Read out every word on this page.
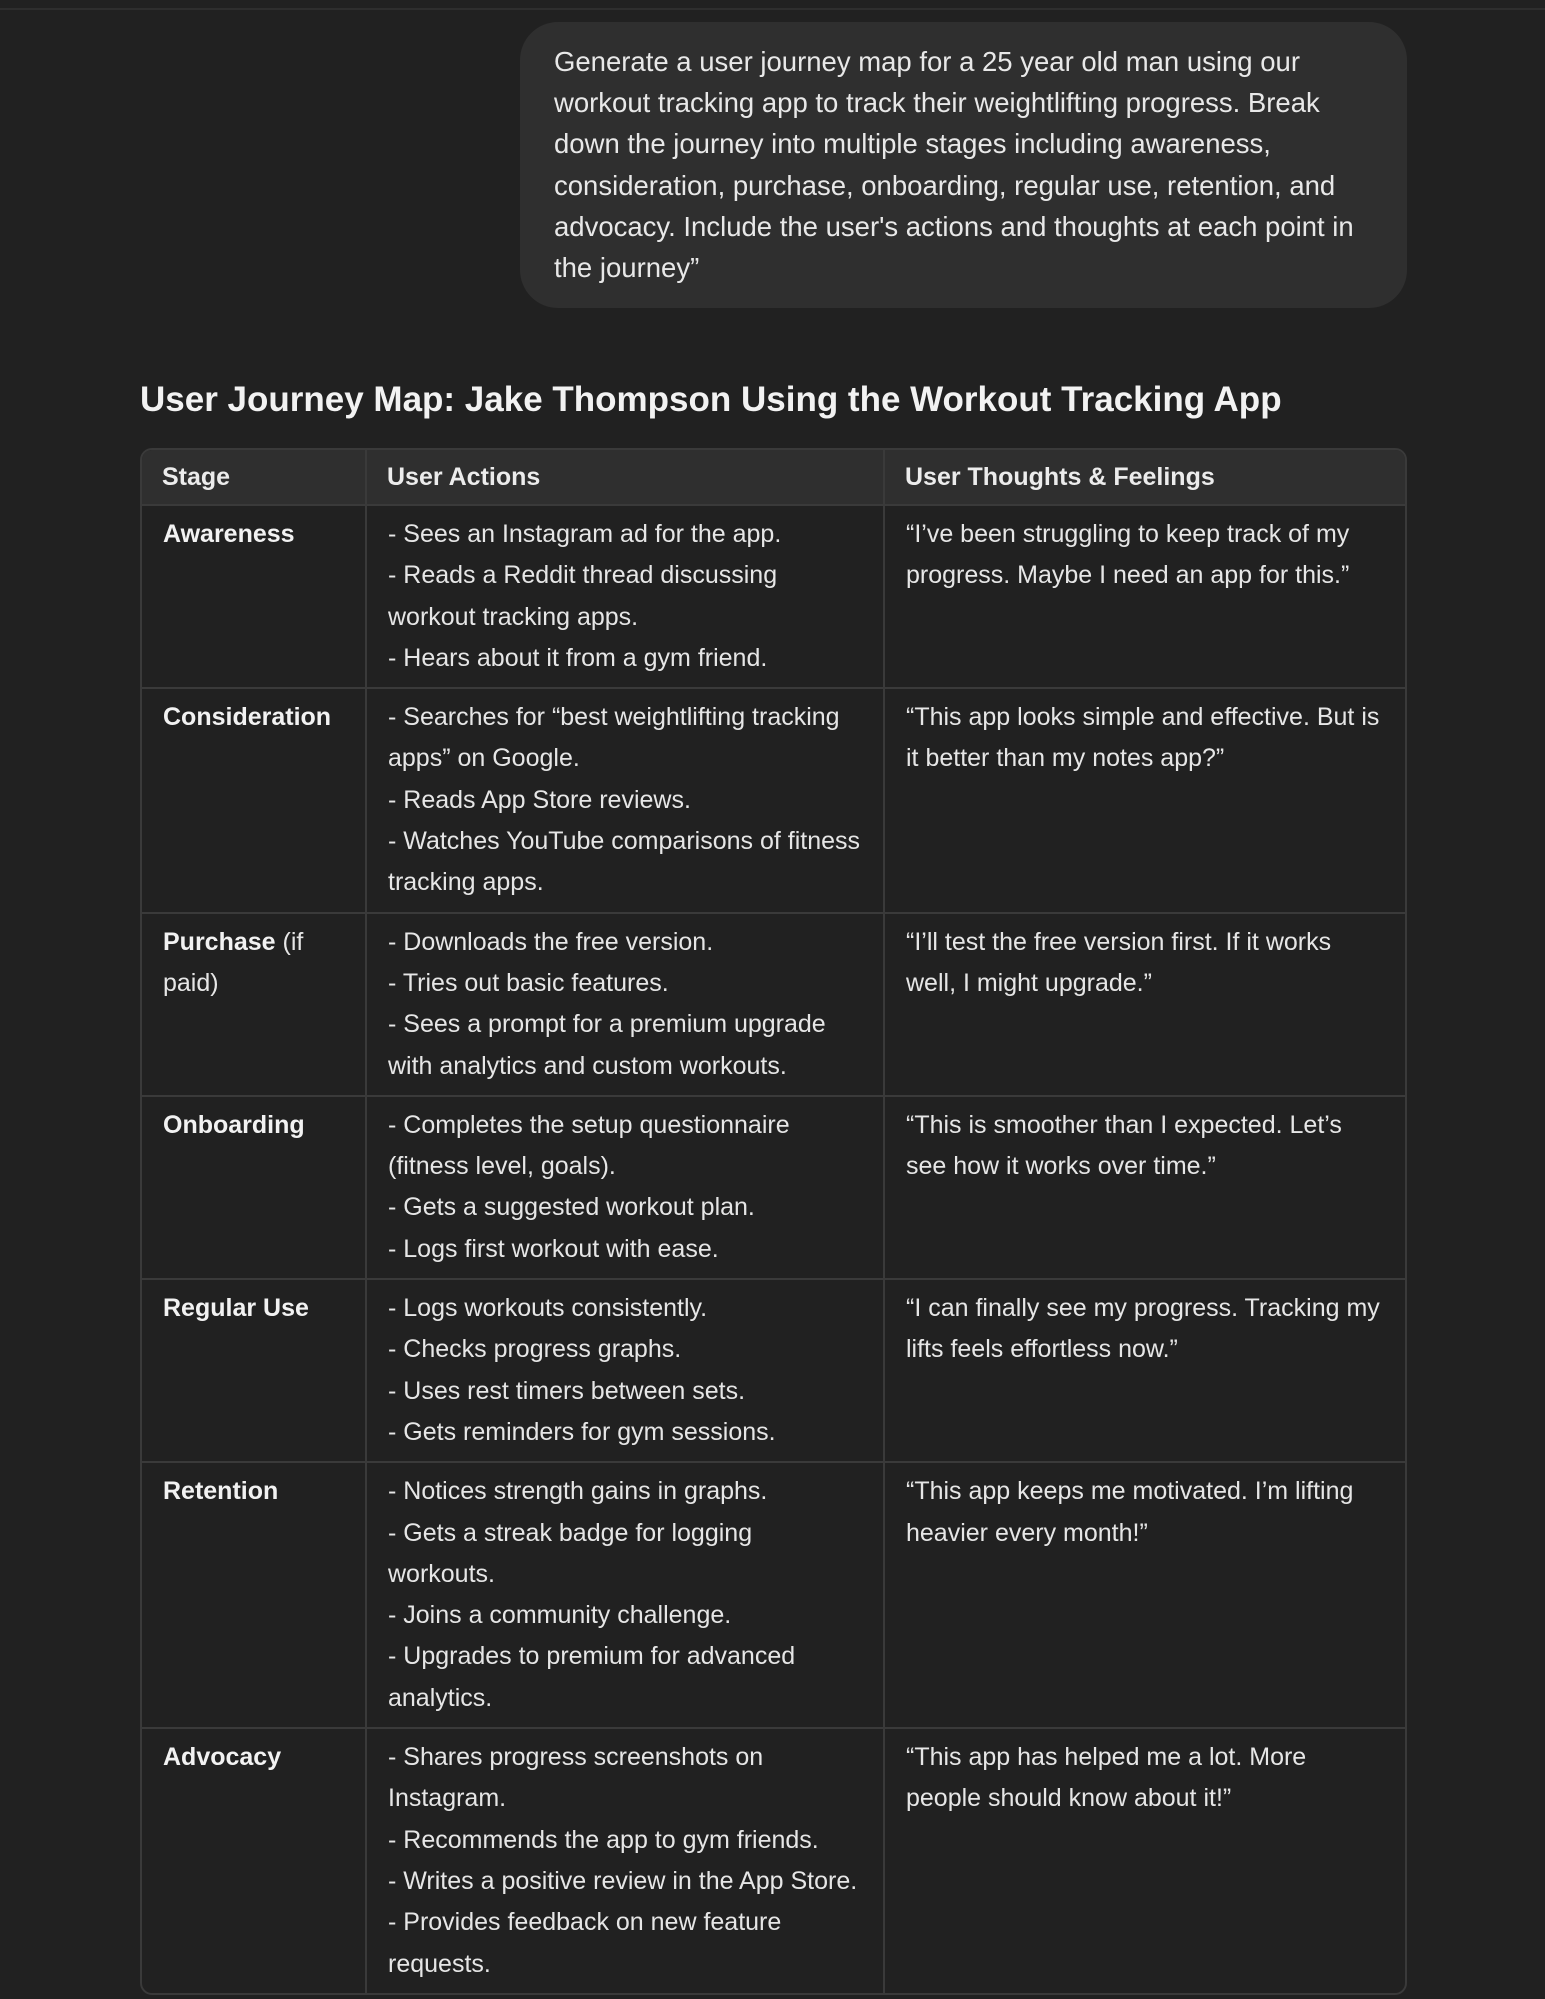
Generate a user journey map for a 25 year old man using our workout tracking app to track their weightlifting progress. Break down the journey into multiple stages including awareness, consideration, purchase, onboarding, regular use, retention, and advocacy. Include the user's actions and thoughts at each point in the journey”
User Journey Map: Jake Thompson Using the Workout Tracking App
Stage	User Actions	User Thoughts & Feelings
Awareness	- Sees an Instagram ad for the app.
- Reads a Reddit thread discussing workout tracking apps.
- Hears about it from a gym friend.	“I’ve been struggling to keep track of my progress. Maybe I need an app for this.”
Consideration	- Searches for “best weightlifting tracking apps” on Google.
- Reads App Store reviews.
- Watches YouTube comparisons of fitness tracking apps.	“This app looks simple and effective. But is it better than my notes app?”
Purchase (if paid)	- Downloads the free version.
- Tries out basic features.
- Sees a prompt for a premium upgrade with analytics and custom workouts.	“I’ll test the free version first. If it works well, I might upgrade.”
Onboarding	- Completes the setup questionnaire (fitness level, goals).
- Gets a suggested workout plan.
- Logs first workout with ease.	“This is smoother than I expected. Let’s see how it works over time.”
Regular Use	- Logs workouts consistently.
- Checks progress graphs.
- Uses rest timers between sets.
- Gets reminders for gym sessions.	“I can finally see my progress. Tracking my lifts feels effortless now.”
Retention	- Notices strength gains in graphs.
- Gets a streak badge for logging workouts.
- Joins a community challenge.
- Upgrades to premium for advanced analytics.	“This app keeps me motivated. I’m lifting heavier every month!”
Advocacy	- Shares progress screenshots on Instagram.
- Recommends the app to gym friends.
- Writes a positive review in the App Store.
- Provides feedback on new feature requests.	“This app has helped me a lot. More people should know about it!”
